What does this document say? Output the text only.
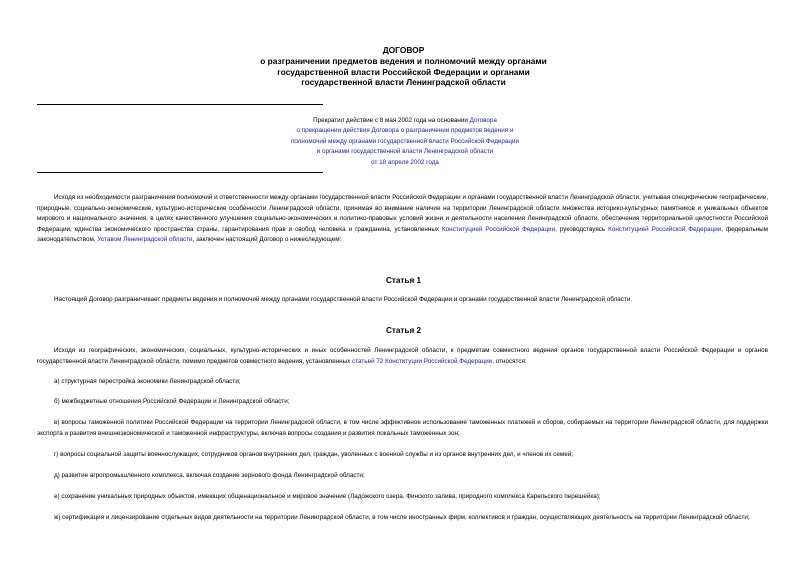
ДОГОВОР
о разграничении предметов ведения и полномочий между органами
государственной власти Российской Федерации и органами
государственной власти Ленинградской области
Прекратил действие с 8 мая 2002 года на основании Договора
о прекращении действия Договора о разграничении предметов ведения и
полномочий между органами государственной власти Российской Федерации
и органами государственной власти Ленинградской области
от 18 апреля 2002 года
Исходя из необходимости разграничения полномочий и ответственности между органами государственной власти Российской Федерации и органами государственной власти Ленинградской области, учитывая специфические географические, природные, социально-экономические, культурно-исторические особенности Ленинградской области, принимая во внимание наличие на территории Ленинградской области множества историко-культурных памятников и уникальных объектов мирового и национального значения, в целях качественного улучшения социально-экономических и политико-правовых условий жизни и деятельности населения Ленинградской области, обеспечения территориальной целостности Российской Федерации, единства экономического пространства страны, гарантирования прав и свобод человека и гражданина, установленных Конституцией Российской Федерации, руководствуясь Конституцией Российской Федерации, федеральным законодательством, Уставом Ленинградской области, заключен настоящий Договор о нижеследующем:
Статья 1
Настоящий Договор разграничивает предметы ведения и полномочий между органами государственной власти Российской Федерации и органами государственной власти Ленинградской области.
Статья 2
Исходя из географических, экономических, социальных, культурно-исторических и иных особенностей Ленинградской области, к предметам совместного ведения органов государственной власти Российской Федерации и органов государственной власти Ленинградской области, помимо предметов совместного ведения, установленных статьей 72 Конституции Российской Федерации, относятся:
а) структурная перестройка экономики Ленинградской области;
б) межбюджетные отношения Российской Федерации и Ленинградской области;
в) вопросы таможенной политики Российской Федерации на территории Ленинградской области, в том числе эффективное использование таможенных платежей и сборов, собираемых на территории Ленинградской области, для поддержки экспорта и развития внешнеэкономической и таможенной инфраструктуры, включая вопросы создания и развития локальных таможенных зон;
г) вопросы социальной защиты военнослужащих, сотрудников органов внутренних дел, граждан, уволенных с военной службы и из органов внутренних дел, и членов их семей;
д) развитие агропромышленного комплекса, включая создание зернового фонда Ленинградской области;
е) сохранение уникальных природных объектов, имеющих общенациональное и мировое значение (Ладожского озера, Финского залива, природного комплекса Карельского перешейка);
ж) сертификация и лицензирование отдельных видов деятельности на территории Ленинградской области, в том числе иностранных фирм, коллективов и граждан, осуществляющих деятельность на территории Ленинградской области;
